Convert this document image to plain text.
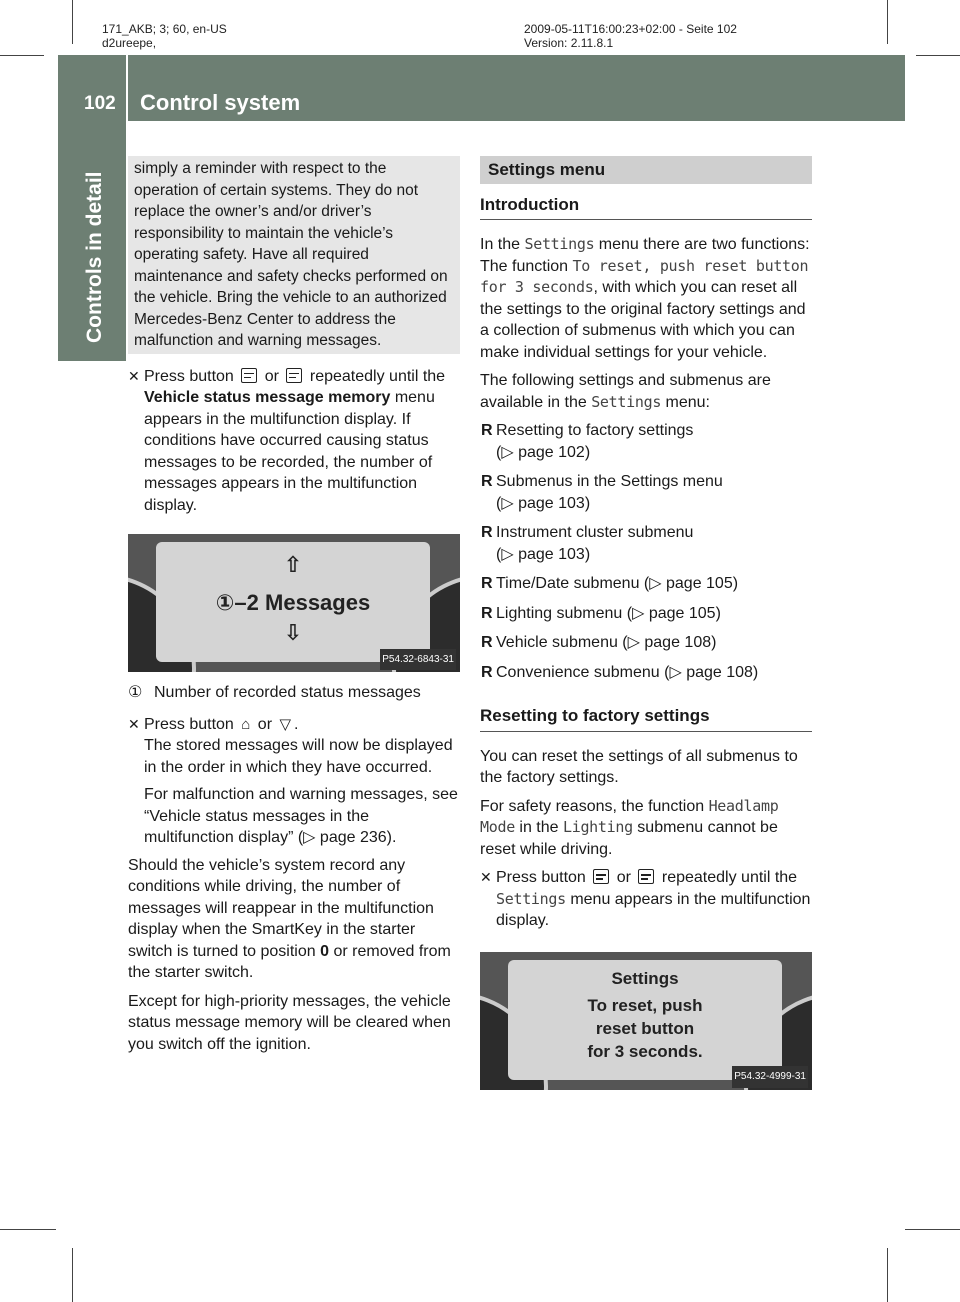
171_AKB; 3; 60, en-US
d2ureepe,
2009-05-11T16:00:23+02:00 - Seite 102
Version: 2.11.8.1
102 Control system
Controls in detail
simply a reminder with respect to the operation of certain systems. They do not replace the owner’s and/or driver’s responsibility to maintain the vehicle’s operating safety. Have all required maintenance and safety checks performed on the vehicle. Bring the vehicle to an authorized Mercedes-Benz Center to address the malfunction and warning messages.
✕ Press button or repeatedly until the Vehicle status message memory menu appears in the multifunction display. If conditions have occurred causing status messages to be recorded, the number of messages appears in the multifunction display.
⇧
①–2 Messages
⇩
P54.32-6843-31
① Number of recorded status messages
✕ Press button ⌂ or ▽ .
The stored messages will now be displayed in the order in which they have occurred.
For malfunction and warning messages, see “Vehicle status messages in the multifunction display” (▷ page 236).

Should the vehicle’s system record any conditions while driving, the number of messages will reappear in the multifunction display when the SmartKey in the starter switch is turned to position 0 or removed from the starter switch.

Except for high-priority messages, the vehicle status message memory will be cleared when you switch off the ignition.

Settings menu
Introduction

In the Settings menu there are two functions: The function To reset, push reset button for 3 seconds, with which you can reset all the settings to the original factory settings and a collection of submenus with which you can make individual settings for your vehicle.

The following settings and submenus are available in the Settings menu:

R Resetting to factory settings
(▷ page 102)
R Submenus in the Settings menu
(▷ page 103)
R Instrument cluster submenu
(▷ page 103)
R Time/Date submenu (▷ page 105)
R Lighting submenu (▷ page 105)
R Vehicle submenu (▷ page 108)
R Convenience submenu (▷ page 108)
Resetting to factory settings

You can reset the settings of all submenus to the factory settings.

For safety reasons, the function Headlamp Mode in the Lighting submenu cannot be reset while driving.

✕ Press button or repeatedly until the Settings menu appears in the multifunction display.
Settings
To reset, push
reset button
for 3 seconds.
P54.32-4999-31
